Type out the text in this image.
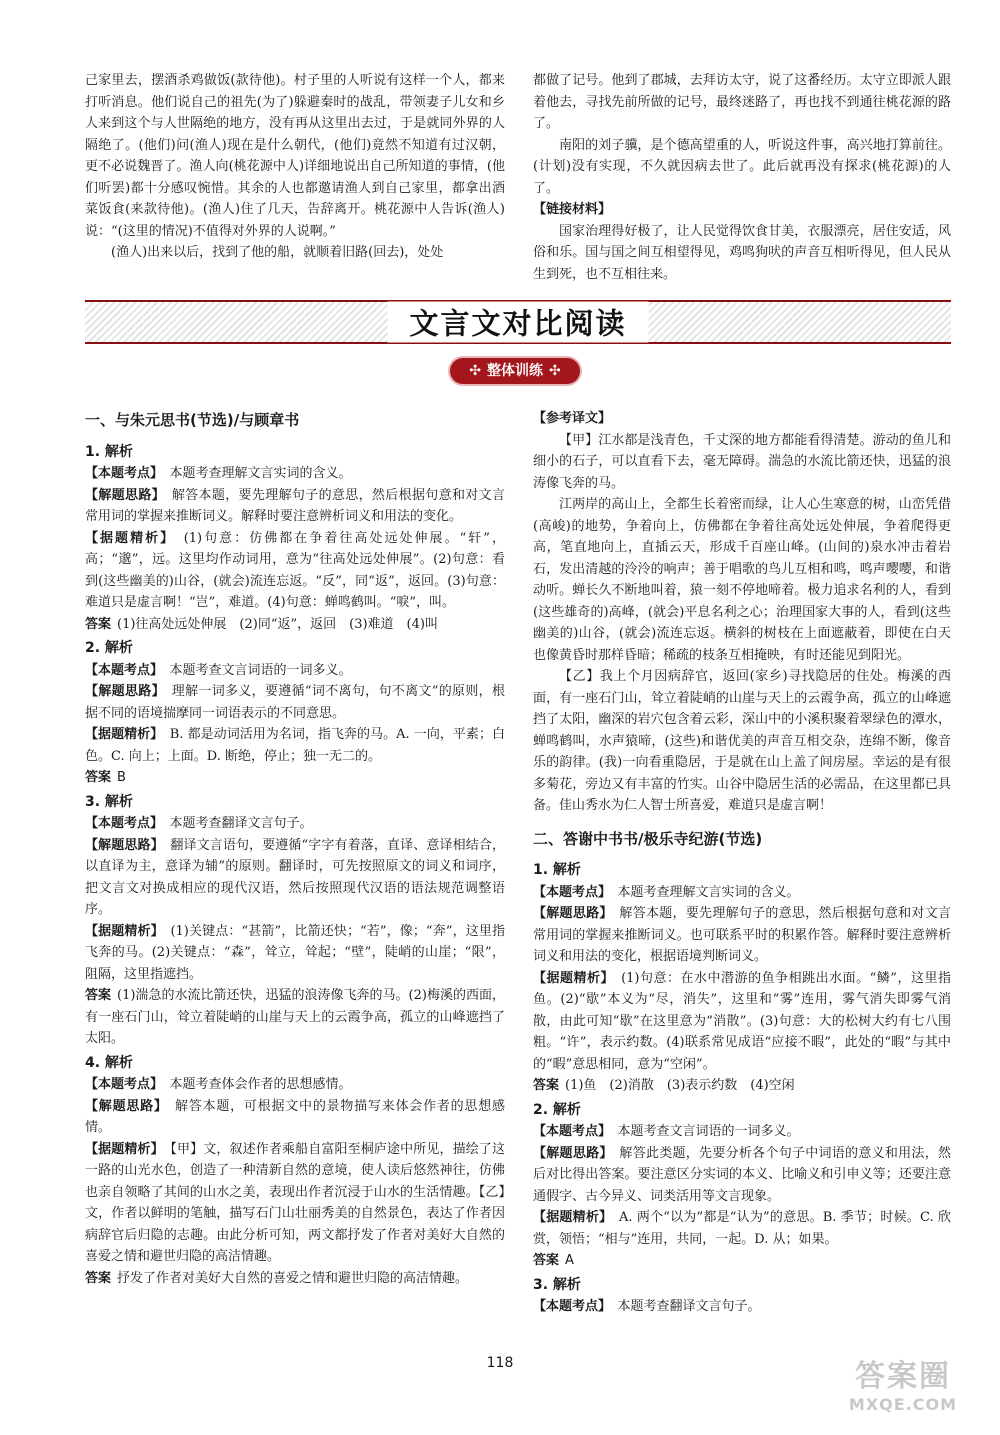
己家里去，摆酒杀鸡做饭(款待他)。村子里的人听说有这样一个人，都来打听消息。他们说自己的祖先(为了)躲避秦时的战乱，带领妻子儿女和乡人来到这个与人世隔绝的地方，没有再从这里出去过，于是就同外界的人隔绝了。(他们)问(渔人)现在是什么朝代，(他们)竟然不知道有过汉朝，更不必说魏晋了。渔人向(桃花源中人)详细地说出自己所知道的事情，(他们听罢)都十分感叹惋惜。其余的人也都邀请渔人到自己家里，都拿出酒菜饭食(来款待他)。(渔人)住了几天，告辞离开。桃花源中人告诉(渔人)说：“(这里的情况)不值得对外界的人说啊。”

(渔人)出来以后，找到了他的船，就顺着旧路(回去)，处处

都做了记号。他到了郡城，去拜访太守，说了这番经历。太守立即派人跟着他去，寻找先前所做的记号，最终迷路了，再也找不到通往桃花源的路了。

南阳的刘子骥，是个德高望重的人，听说这件事，高兴地打算前往。(计划)没有实现，不久就因病去世了。此后就再没有探求(桃花源)的人了。

【链接材料】

国家治理得好极了，让人民觉得饮食甘美，衣服漂亮，居住安适，风俗和乐。国与国之间互相望得见，鸡鸣狗吠的声音互相听得见，但人民从生到死，也不互相往来。

文言文对比阅读
✣ 整体训练 ✣

一、与朱元思书(节选)/与顾章书

1. 解析

【本题考点】　 本题考查理解文言实词的含义。

【解题思路】　 解答本题，要先理解句子的意思，然后根据句意和对文言常用词的掌握来推断词义。解释时要注意辨析词义和用法的变化。

【据题精析】　 (1)句意：仿佛都在争着往高处远处伸展。“轩”，高；“邈”，远。这里均作动词用，意为“往高处远处伸展”。(2)句意：看到(这些幽美的)山谷，(就会)流连忘返。“反”，同“返”，返回。(3)句意：难道只是虚言啊！“岂”，难道。(4)句意：蝉鸣鹤叫。“唳”，叫。

答案 (1)往高处远处伸展　(2)同“返”，返回　(3)难道　(4)叫

2. 解析

【本题考点】　 本题考查文言词语的一词多义。

【解题思路】　 理解一词多义，要遵循“词不离句，句不离文”的原则，根据不同的语境揣摩同一词语表示的不同意思。

【据题精析】　 B. 都是动词活用为名词，指飞奔的马。A. 一向，平素；白色。C. 向上；上面。D. 断绝，停止；独一无二的。

答案 B

3. 解析

【本题考点】　 本题考查翻译文言句子。

【解题思路】　 翻译文言语句，要遵循“字字有着落，直译、意译相结合，以直译为主，意译为辅”的原则。翻译时，可先按照原文的词义和词序，把文言文对换成相应的现代汉语，然后按照现代汉语的语法规范调整语序。

【据题精析】　 (1)关键点：“甚箭”，比箭还快；“若”，像；“奔”，这里指飞奔的马。(2)关键点：“森”，耸立，耸起；“壁”，陡峭的山崖；“限”，阻隔，这里指遮挡。

答案 (1)湍急的水流比箭还快，迅猛的浪涛像飞奔的马。(2)梅溪的西面，有一座石门山，耸立着陡峭的山崖与天上的云霞争高，孤立的山峰遮挡了太阳。

4. 解析

【本题考点】　 本题考查体会作者的思想感情。

【解题思路】　 解答本题，可根据文中的景物描写来体会作者的思想感情。

【据题精析】　 【甲】文，叙述作者乘船自富阳至桐庐途中所见，描绘了这一路的山光水色，创造了一种清新自然的意境，使人读后悠然神往，仿佛也亲自领略了其间的山水之美，表现出作者沉浸于山水的生活情趣。【乙】文，作者以鲜明的笔触，描写石门山壮丽秀美的自然景色，表达了作者因病辞官后归隐的志趣。由此分析可知，两文都抒发了作者对美好大自然的喜爱之情和避世归隐的高洁情趣。

答案 抒发了作者对美好大自然的喜爱之情和避世归隐的高洁情趣。

【参考译文】

【甲】江水都是浅青色，千丈深的地方都能看得清楚。游动的鱼儿和细小的石子，可以直看下去，毫无障碍。湍急的水流比箭还快，迅猛的浪涛像飞奔的马。

江两岸的高山上，全都生长着密而绿，让人心生寒意的树，山峦凭借(高峻)的地势，争着向上，仿佛都在争着往高处远处伸展，争着爬得更高，笔直地向上，直插云天，形成千百座山峰。(山间的)泉水冲击着岩石，发出清越的泠泠的响声；善于唱歌的鸟儿互相和鸣，鸣声嘤嘤，和谐动听。蝉长久不断地叫着，猿一刻不停地啼着。极力追求名利的人，看到(这些雄奇的)高峰，(就会)平息名利之心；治理国家大事的人，看到(这些幽美的)山谷，(就会)流连忘返。横斜的树枝在上面遮蔽着，即使在白天也像黄昏时那样昏暗；稀疏的枝条互相掩映，有时还能见到阳光。

【乙】我上个月因病辞官，返回(家乡)寻找隐居的住处。梅溪的西面，有一座石门山，耸立着陡峭的山崖与天上的云霞争高，孤立的山峰遮挡了太阳，幽深的岩穴包含着云彩，深山中的小溪积聚着翠绿色的潭水，蝉鸣鹤叫，水声猿啼，(这些)和谐优美的声音互相交杂，连绵不断，像音乐的韵律。(我)一向看重隐居，于是就在山上盖了间房屋。幸运的是有很多菊花，旁边又有丰富的竹实。山谷中隐居生活的必需品，在这里都已具备。佳山秀水为仁人智士所喜爱，难道只是虚言啊！

二、答谢中书书/极乐寺纪游(节选)

1. 解析

【本题考点】　 本题考查理解文言实词的含义。

【解题思路】　 解答本题，要先理解句子的意思，然后根据句意和对文言常用词的掌握来推断词义。也可联系平时的积累作答。解释时要注意辨析词义和用法的变化，根据语境判断词义。

【据题精析】　 (1)句意：在水中潜游的鱼争相跳出水面。“鳞”，这里指鱼。(2)“歇”本义为“尽，消失”，这里和“雾”连用，雾气消失即雾气消散，由此可知“歇”在这里意为“消散”。(3)句意：大的松树大约有七八围粗。“许”，表示约数。(4)联系常见成语“应接不暇”，此处的“暇”与其中的“暇”意思相同，意为“空闲”。

答案 (1)鱼　(2)消散　(3)表示约数　(4)空闲

2. 解析

【本题考点】　 本题考查文言词语的一词多义。

【解题思路】　 解答此类题，先要分析各个句子中词语的意义和用法，然后对比得出答案。要注意区分实词的本义、比喻义和引申义等；还要注意通假字、古今异义、词类活用等文言现象。

【据题精析】　 A. 两个“以为”都是“认为”的意思。B. 季节；时候。C. 欣赏，领悟；“相与”连用，共同，一起。D. 从；如果。

答案 A

3. 解析

【本题考点】　 本题考查翻译文言句子。

118	答案圈
MXQE.COM
